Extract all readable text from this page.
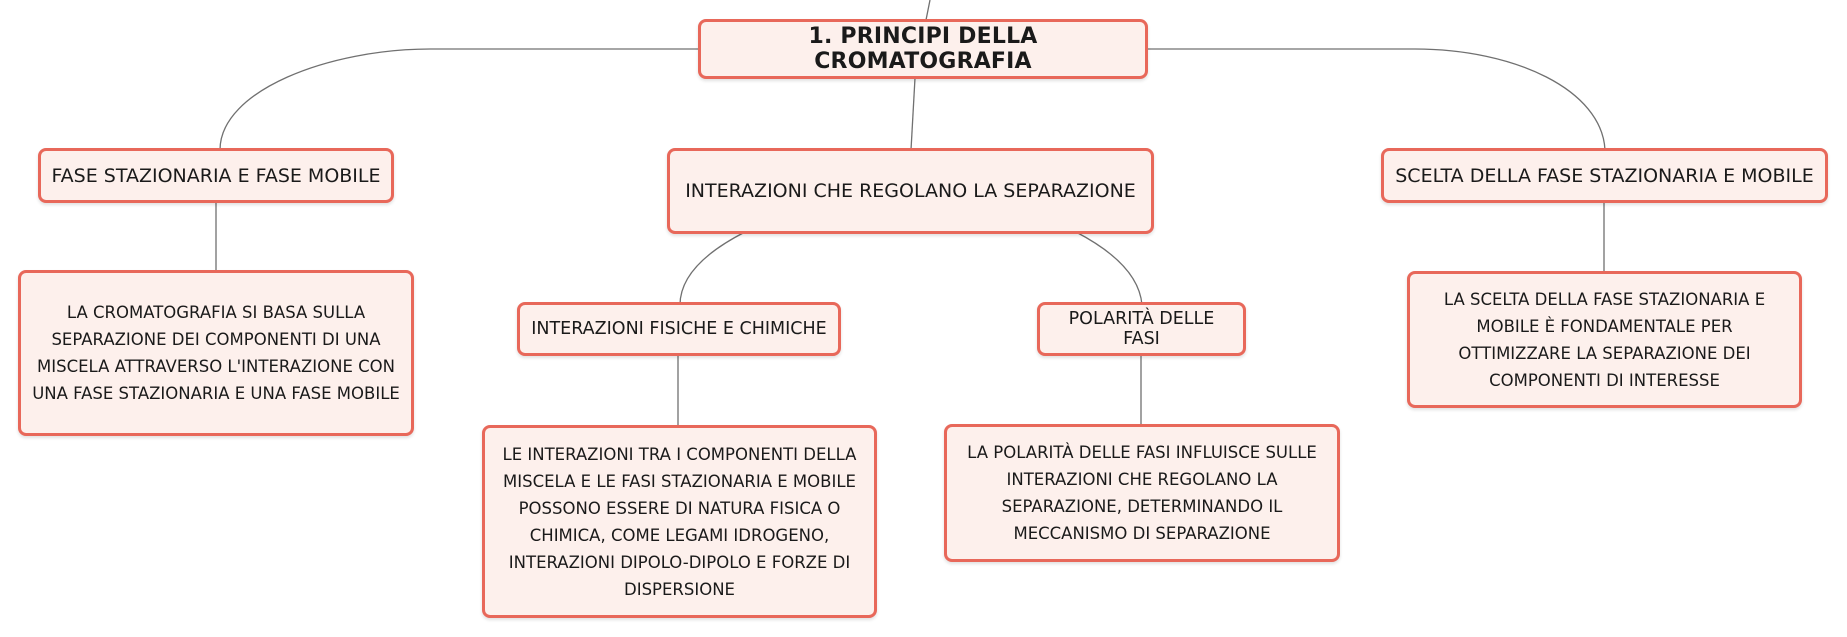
1. PRINCIPI DELLA CROMATOGRAFIA
FASE STAZIONARIA E FASE MOBILE
INTERAZIONI CHE REGOLANO LA SEPARAZIONE
SCELTA DELLA FASE STAZIONARIA E MOBILE
LA CROMATOGRAFIA SI BASA SULLA SEPARAZIONE DEI COMPONENTI DI UNA MISCELA ATTRAVERSO L'INTERAZIONE CON UNA FASE STAZIONARIA E UNA FASE MOBILE
LA SCELTA DELLA FASE STAZIONARIA E MOBILE È FONDAMENTALE PER OTTIMIZZARE LA SEPARAZIONE DEI COMPONENTI DI INTERESSE
INTERAZIONI FISICHE E CHIMICHE	POLARITÀ DELLE FASI
LE INTERAZIONI TRA I COMPONENTI DELLA MISCELA E LE FASI STAZIONARIA E MOBILE POSSONO ESSERE DI NATURA FISICA O CHIMICA, COME LEGAMI IDROGENO, INTERAZIONI DIPOLO-DIPOLO E FORZE DI DISPERSIONE
LA POLARITÀ DELLE FASI INFLUISCE SULLE INTERAZIONI CHE REGOLANO LA SEPARAZIONE, DETERMINANDO IL MECCANISMO DI SEPARAZIONE
